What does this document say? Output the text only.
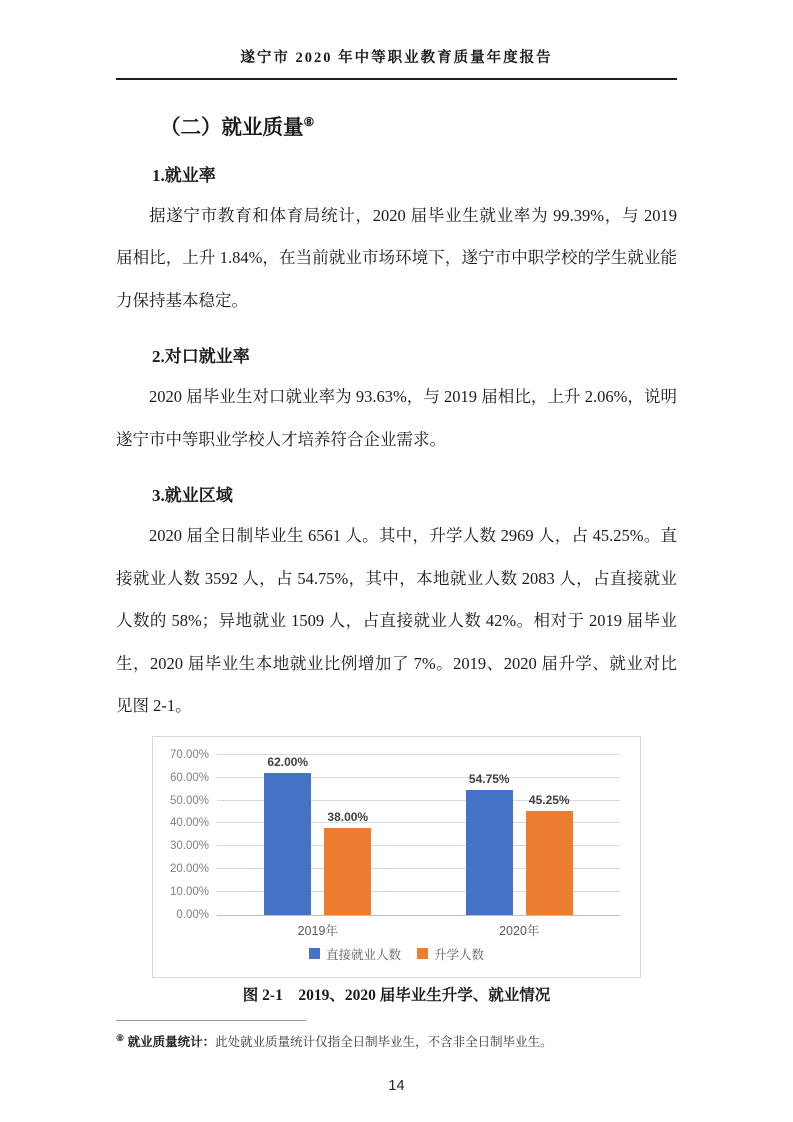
遂宁市 2020 年中等职业教育质量年度报告
（二）就业质量⑧
1.就业率

据遂宁市教育和体育局统计，2020 届毕业生就业率为 99.39%，与 2019 届相比，上升 1.84%，在当前就业市场环境下，遂宁市中职学校的学生就业能力保持基本稳定。

2.对口就业率

2020 届毕业生对口就业率为 93.63%，与 2019 届相比，上升 2.06%，说明遂宁市中等职业学校人才培养符合企业需求。

3.就业区域

2020 届全日制毕业生 6561 人。其中，升学人数 2969 人，占 45.25%。直接就业人数 3592 人，占 54.75%，其中，本地就业人数 2083 人，占直接就业人数的 58%；异地就业 1509 人，占直接就业人数 42%。相对于 2019 届毕业生，2020 届毕业生本地就业比例增加了 7%。2019、2020 届升学、就业对比见图 2-1。

70.00%
60.00%
50.00%
40.00%
30.00%
20.00%
10.00%
0.00%
62.00%
38.00%
54.75%
45.25%
2019年	2020年
直接就业人数	升学人数
图 2-1　2019、2020 届毕业生升学、就业情况
⑧ 就业质量统计：此处就业质量统计仅指全日制毕业生，不含非全日制毕业生。
14
